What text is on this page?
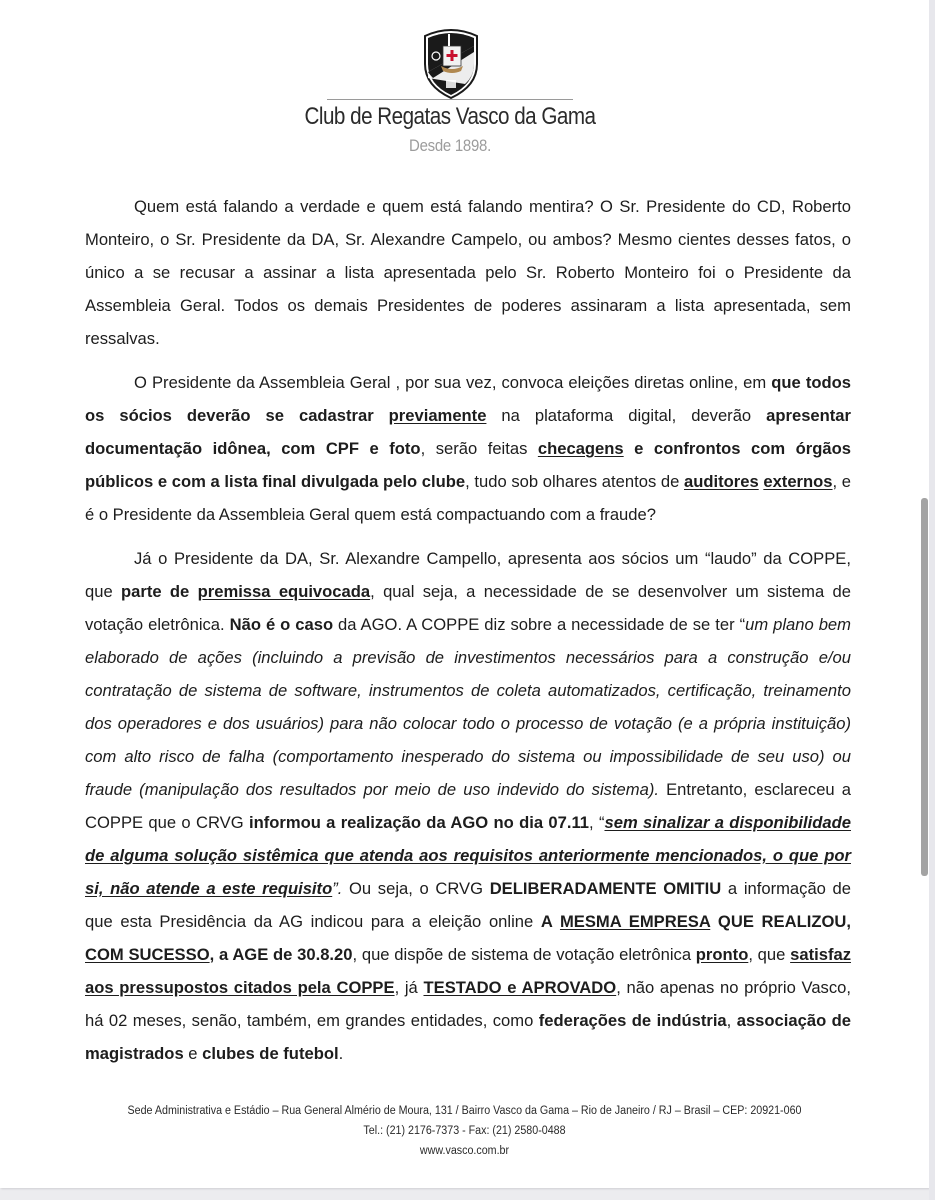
Club de Regatas Vasco da Gama
Desde 1898.

Quem está falando a verdade e quem está falando mentira? O Sr. Presidente do CD, Roberto Monteiro, o Sr. Presidente da DA, Sr. Alexandre Campelo, ou ambos? Mesmo cientes desses fatos, o único a se recusar a assinar a lista apresentada pelo Sr. Roberto Monteiro foi o Presidente da Assembleia Geral. Todos os demais Presidentes de poderes assinaram a lista apresentada, sem ressalvas.

O Presidente da Assembleia Geral , por sua vez, convoca eleições diretas online, em que todos os sócios deverão se cadastrar previamente na plataforma digital, deverão apresentar documentação idônea, com CPF e foto, serão feitas checagens e confrontos com órgãos públicos e com a lista final divulgada pelo clube, tudo sob olhares atentos de auditores externos, e é o Presidente da Assembleia Geral quem está compactuando com a fraude?

Já o Presidente da DA, Sr. Alexandre Campello, apresenta aos sócios um “laudo” da COPPE, que parte de premissa equivocada, qual seja, a necessidade de se desenvolver um sistema de votação eletrônica. Não é o caso da AGO. A COPPE diz sobre a necessidade de se ter “um plano bem elaborado de ações (incluindo a previsão de investimentos necessários para a construção e/ou contratação de sistema de software, instrumentos de coleta automatizados, certificação, treinamento dos operadores e dos usuários) para não colocar todo o processo de votação (e a própria instituição) com alto risco de falha (comportamento inesperado do sistema ou impossibilidade de seu uso) ou fraude (manipulação dos resultados por meio de uso indevido do sistema). Entretanto, esclareceu a COPPE que o CRVG informou a realização da AGO no dia 07.11, “sem sinalizar a disponibilidade de alguma solução sistêmica que atenda aos requisitos anteriormente mencionados, o que por si, não atende a este requisito”. Ou seja, o CRVG DELIBERADAMENTE OMITIU a informação de que esta Presidência da AG indicou para a eleição online A MESMA EMPRESA QUE REALIZOU, COM SUCESSO, a AGE de 30.8.20, que dispõe de sistema de votação eletrônica pronto, que satisfaz aos pressupostos citados pela COPPE, já TESTADO e APROVADO, não apenas no próprio Vasco, há 02 meses, senão, também, em grandes entidades, como federações de indústria, associação de magistrados e clubes de futebol.

Sede Administrativa e Estádio – Rua General Almério de Moura, 131 / Bairro Vasco da Gama – Rio de Janeiro / RJ – Brasil – CEP: 20921-060
Tel.: (21) 2176-7373 - Fax: (21) 2580-0488
www.vasco.com.br
